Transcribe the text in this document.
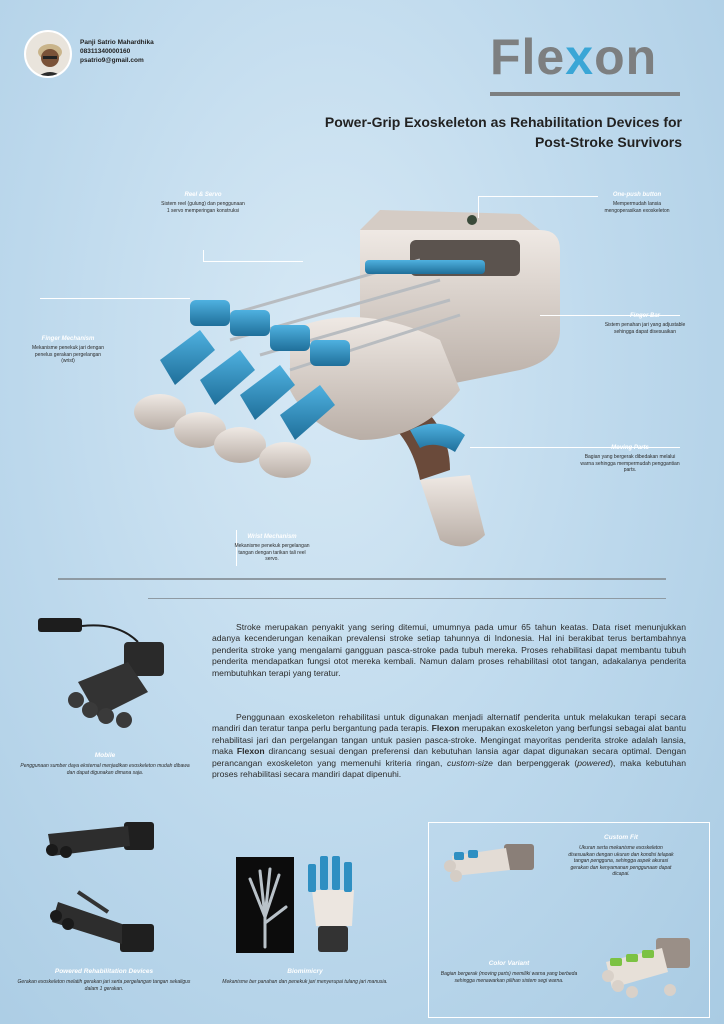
Panji Satrio Mahardhika
08311340000160
psatrio9@gmail.com	Flexon
Power-Grip Exoskeleton as Rehabilitation Devices for
Post-Stroke Survivors
Reel & Servo
Sistem reel (gulung) dan penggunaan 1 servo memperingan konstruksi
One-push button
Mempermudah lansia mengoperasikan exoskeleton
Finger Mechanism
Mekanisme penekuk jari dengan penelus gerakan pergelangan (wrist)
Finger Bar
Sistem penahan jari yang adjustable sehingga dapat disesuaikan
Moving Parts
Bagian yang bergerak dibedakan melalui warna sehingga mempermudah penggantian parts.
Wrist Mechanism
Mekanisme penekuk pergelangan tangan dengan tarikan tali reel servo.
Mobile
Penggunaan sumber daya eksternal menjadikan exoskeleton mudah dibawa dan dapat digunakan dimana saja.
Stroke merupakan penyakit yang sering ditemui, umumnya pada umur 65 tahun keatas. Data riset menunjukkan adanya kecenderungan kenaikan prevalensi stroke setiap tahunnya di Indonesia. Hal ini berakibat terus bertambahnya penderita stroke yang mengalami gangguan pasca-stroke pada tubuh mereka. Proses rehabilitasi dapat membantu tubuh penderita mendapatkan fungsi otot mereka kembali. Namun dalam proses rehabilitasi otot tangan, adakalanya penderita membutuhkan terapi yang teratur.
Penggunaan exoskeleton rehabilitasi untuk digunakan menjadi alternatif penderita untuk melakukan terapi secara mandiri dan teratur tanpa perlu bergantung pada terapis. Flexon merupakan exoskeleton yang berfungsi sebagai alat bantu rehabilitasi jari dan pergelangan tangan untuk pasien pasca-stroke. Mengingat mayoritas penderita stroke adalah lansia, maka Flexon dirancang sesuai dengan preferensi dan kebutuhan lansia agar dapat digunakan secara optimal. Dengan perancangan exoskeleton yang memenuhi kriteria ringan, custom-size dan berpenggerak (powered), maka kebutuhan proses rehabilitasi secara mandiri dapat dipenuhi.
Powered Rehabilitation Devices
Gerakan exoskeleton melatih gerakan jari serta pergelangan tangan sekaligus dalam 1 gerakan.
Biomimicry
Mekanisme ber panahan dan penekuk jari menyerupai tulang jari manusia.
Custom Fit
Ukuran serta mekanisme exoskeleton disesuaikan dengan ukuran dan kondisi telapak tangan pengguna, sehingga aspek akurasi gerakan dan kenyamanan penggunaan dapat dicapai.
Color Variant
Bagian bergerak (moving parts) memiliki warna yang berbeda sehingga menawarkan pilihan sistem segi warna.
